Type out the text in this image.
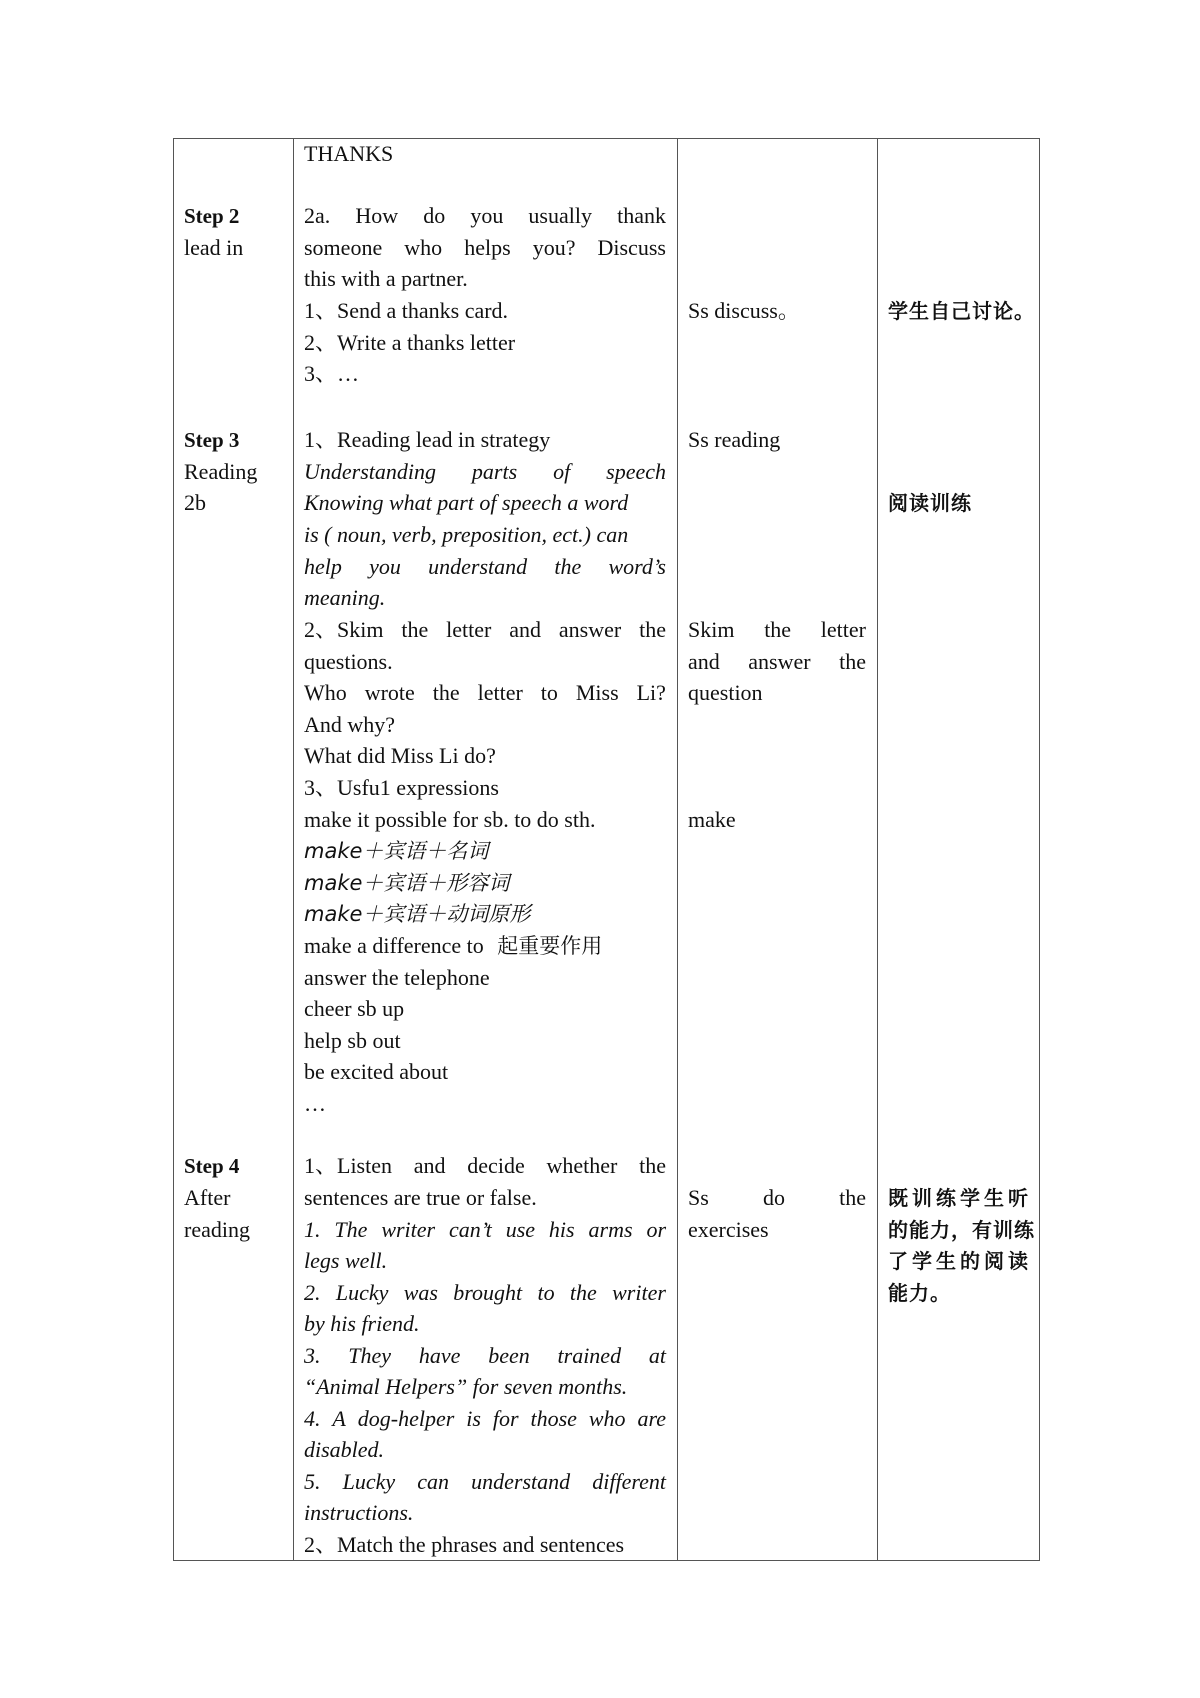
Step 2
lead in
Step 3
Reading
2b
Step 4
After
reading
THANKS
2a. How do you usually thank
someone who helps you? Discuss
this with a partner.
1、Send a thanks card.
2、Write a thanks letter
3、…
1、Reading lead in strategy
Understanding parts of speech
Knowing what part of speech a word
is ( noun, verb, preposition, ect.) can
help you understand the word’s
meaning.
2、Skim the letter and answer the
questions.
Who wrote the letter to Miss Li?
And why?
What did Miss Li do?
3、Usfu1 expressions
make it possible for sb. to do sth.
make＋宾语＋名词
make＋宾语＋形容词
make＋宾语＋动词原形
make a difference to 起重要作用
answer the telephone
cheer sb up
help sb out
be excited about
…
1、Listen and decide whether the
sentences are true or false.
1. The writer can’t use his arms or
legs well.
2. Lucky was brought to the writer
by his friend.
3. They have been trained at
“Animal Helpers” for seven months.
4. A dog-helper is for those who are
disabled.
5. Lucky can understand different
instructions.
2、Match the phrases and sentences
Ss discuss。
Ss reading
Skim the letter
and answer the
question
make
Ss do the
exercises
学生自己讨论。
阅读训练
既训练学生听
的能力，有训练
了学生的阅读
能力。
